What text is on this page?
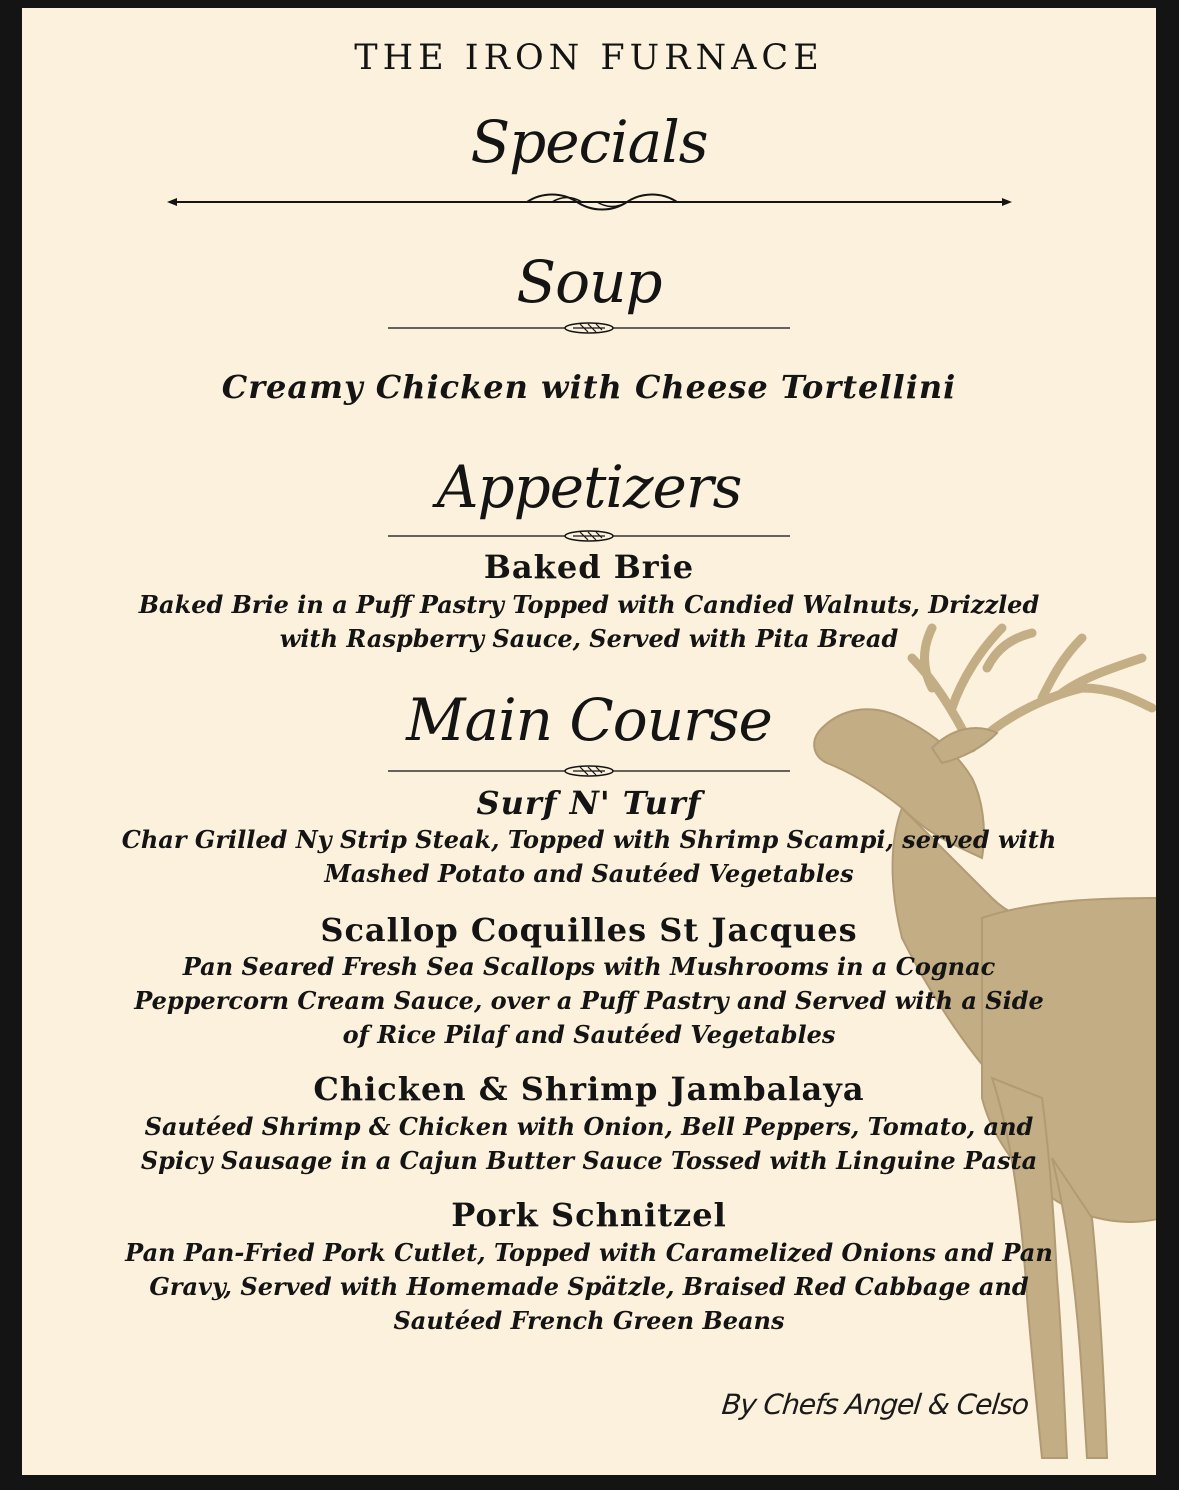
THE IRON FURNACE
Specials
Soup
Creamy Chicken with Cheese Tortellini
Appetizers
Baked Brie
Baked Brie in a Puff Pastry Topped with Candied Walnuts, Drizzled
with Raspberry Sauce, Served with Pita Bread
Main Course
Surf N' Turf
Char Grilled Ny Strip Steak, Topped with Shrimp Scampi, served with
Mashed Potato and Sautéed Vegetables
Scallop Coquilles St Jacques
Pan Seared Fresh Sea Scallops with Mushrooms in a Cognac
Peppercorn Cream Sauce, over a Puff Pastry and Served with a Side
of Rice Pilaf and Sautéed Vegetables
Chicken & Shrimp Jambalaya
Sautéed Shrimp & Chicken with Onion, Bell Peppers, Tomato, and
Spicy Sausage in a Cajun Butter Sauce Tossed with Linguine Pasta
Pork Schnitzel
Pan Pan-Fried Pork Cutlet, Topped with Caramelized Onions and Pan
Gravy, Served with Homemade Spätzle, Braised Red Cabbage and
Sautéed French Green Beans
By Chefs Angel & Celso
